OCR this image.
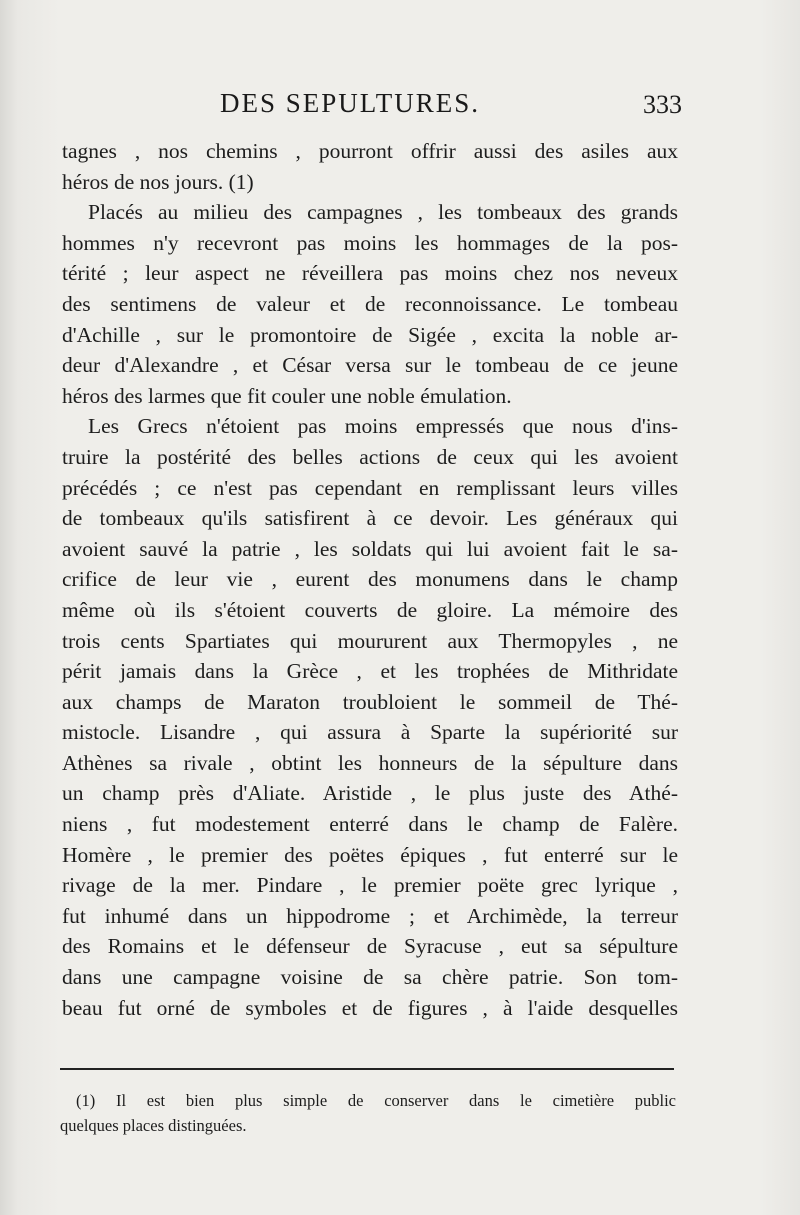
DES SEPULTURES.	333
tagnes , nos chemins , pourront offrir aussi des asiles aux
héros de nos jours. (1)
Placés au milieu des campagnes , les tombeaux des grands
hommes n'y recevront pas moins les hommages de la pos-
térité ; leur aspect ne réveillera pas moins chez nos neveux
des sentimens de valeur et de reconnoissance. Le tombeau
d'Achille , sur le promontoire de Sigée , excita la noble ar-
deur d'Alexandre , et César versa sur le tombeau de ce jeune
héros des larmes que fit couler une noble émulation.
Les Grecs n'étoient pas moins empressés que nous d'ins-
truire la postérité des belles actions de ceux qui les avoient
précédés ; ce n'est pas cependant en remplissant leurs villes
de tombeaux qu'ils satisfirent à ce devoir. Les généraux qui
avoient sauvé la patrie , les soldats qui lui avoient fait le sa-
crifice de leur vie , eurent des monumens dans le champ
même où ils s'étoient couverts de gloire. La mémoire des
trois cents Spartiates qui moururent aux Thermopyles , ne
périt jamais dans la Grèce , et les trophées de Mithridate
aux champs de Maraton troubloient le sommeil de Thé-
mistocle. Lisandre , qui assura à Sparte la supériorité sur
Athènes sa rivale , obtint les honneurs de la sépulture dans
un champ près d'Aliate. Aristide , le plus juste des Athé-
niens , fut modestement enterré dans le champ de Falère.
Homère , le premier des poëtes épiques , fut enterré sur le
rivage de la mer. Pindare , le premier poëte grec lyrique ,
fut inhumé dans un hippodrome ; et Archimède, la terreur
des Romains et le défenseur de Syracuse , eut sa sépulture
dans une campagne voisine de sa chère patrie. Son tom-
beau fut orné de symboles et de figures , à l'aide desquelles
(1) Il est bien plus simple de conserver dans le cimetière public
quelques places distinguées.
